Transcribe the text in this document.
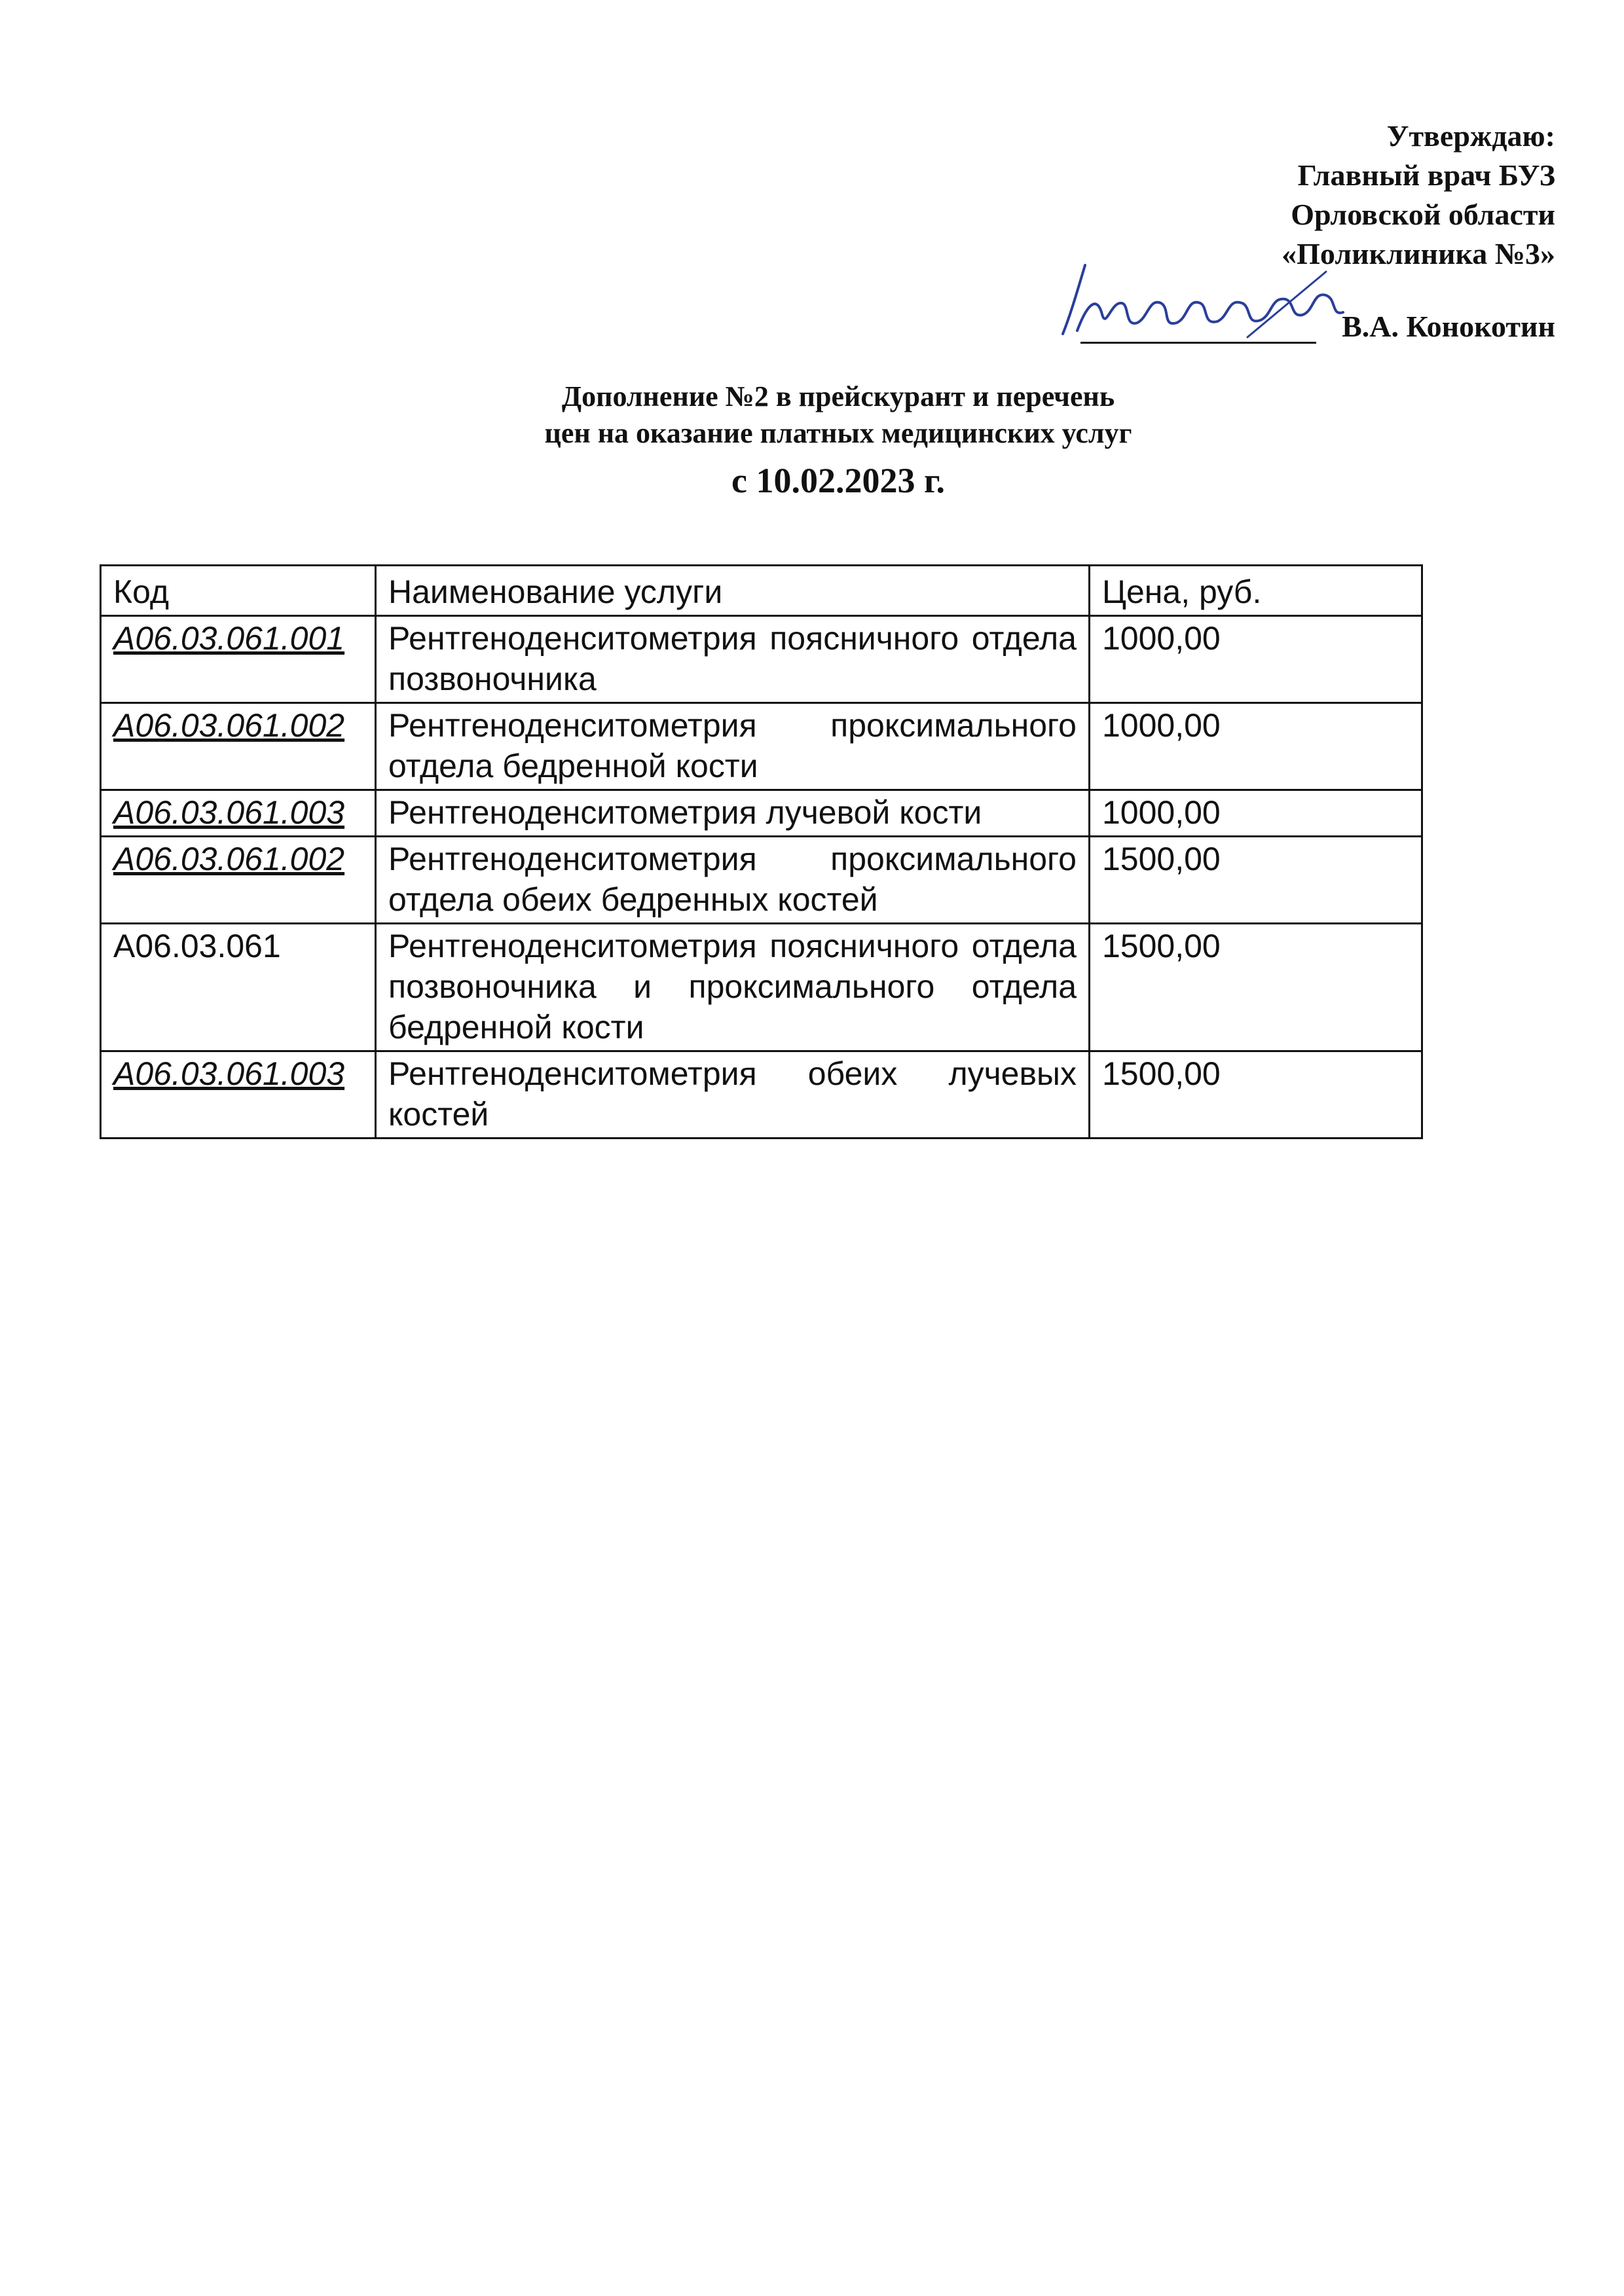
Утверждаю:
Главный врач БУЗ
Орловской области
«Поликлиника №3»
В.А. Конокотин
Дополнение №2 в прейскурант и перечень
цен на оказание платных медицинских услуг
с 10.02.2023 г.
Код	Наименование услуги	Цена, руб.
А06.03.061.001	Рентгеноденситометрия поясничного отдела позвоночника	1000,00
А06.03.061.002	Рентгеноденситометрия проксимального отдела бедренной кости	1000,00
А06.03.061.003	Рентгеноденситометрия лучевой кости	1000,00
А06.03.061.002	Рентгеноденситометрия проксимального отдела обеих бедренных костей	1500,00
А06.03.061	Рентгеноденситометрия поясничного отдела позвоночника и проксимального отдела бедренной кости	1500,00
А06.03.061.003	Рентгеноденситометрия обеих лучевых костей	1500,00
